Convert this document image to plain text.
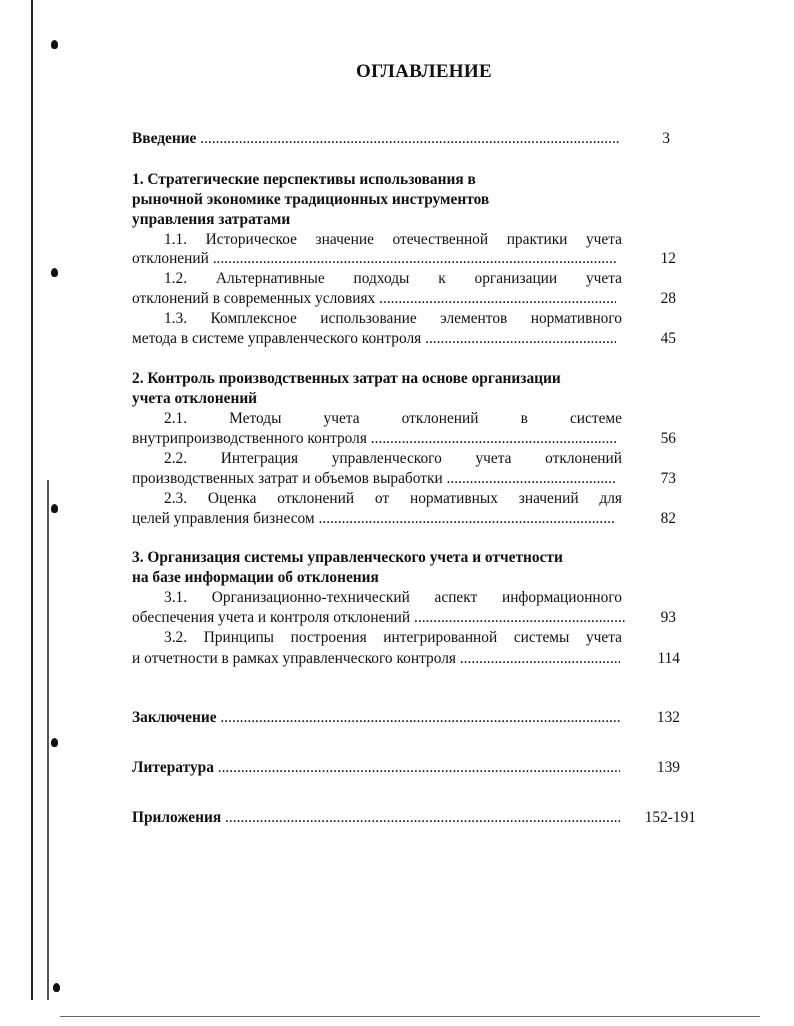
ОГЛАВЛЕНИЕ
Введение .....	3
1. Стратегические перспективы использования в
рыночной экономике традиционных инструментов
управления затратами
1.1. Историческое значение отечественной практики учета
отклонений .....	12
1.2. Альтернативные подходы к организации учета
отклонений в современных условиях .....	28
1.3. Комплексное использование элементов нормативного
метода в системе управленческого контроля .....	45
2. Контроль производственных затрат на основе организации
учета отклонений
2.1. Методы учета отклонений в системе
внутрипроизводственного контроля .....	56
2.2. Интеграция управленческого учета отклонений
производственных затрат и объемов выработки .....	73
2.3. Оценка отклонений от нормативных значений для
целей управления бизнесом .....	82
3. Организация системы управленческого учета и отчетности
на базе информации об отклонения
3.1. Организационно-технический аспект информационного
обеспечения учета и контроля отклонений .....	93
3.2. Принципы построения интегрированной системы учета
и отчетности в рамках управленческого контроля .....	114
Заключение .....	132
Литература .....	139
Приложения .....	152-191
